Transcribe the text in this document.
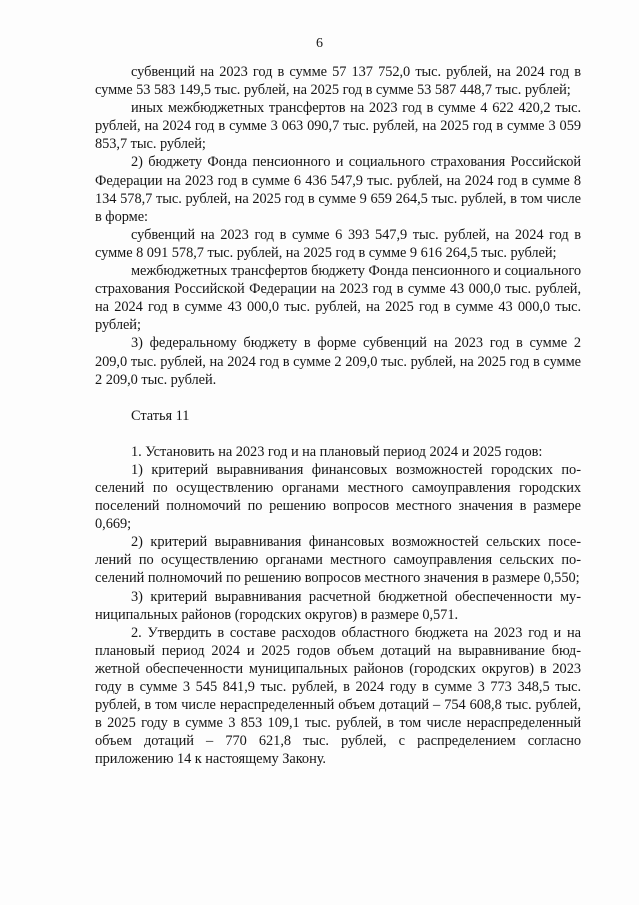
6

субвенций на 2023 год в сумме 57 137 752,0 тыс. рублей, на 2024 год в сумме 53 583 149,5 тыс. рублей, на 2025 год в сумме 53 587 448,7 тыс. рублей;

иных межбюджетных трансфертов на 2023 год в сумме 4 622 420,2 тыс. рублей, на 2024 год в сумме 3 063 090,7 тыс. рублей, на 2025 год в сумме 3 059 853,7 тыс. рублей;

2) бюджету Фонда пенсионного и социального страхования Российской Федерации на 2023 год в сумме 6 436 547,9 тыс. рублей, на 2024 год в сумме 8 134 578,7 тыс. рублей, на 2025 год в сумме 9 659 264,5 тыс. рублей, в том числе в форме:

субвенций на 2023 год в сумме 6 393 547,9 тыс. рублей, на 2024 год в сумме 8 091 578,7 тыс. рублей, на 2025 год в сумме 9 616 264,5 тыс. рублей;

межбюджетных трансфертов бюджету Фонда пенсионного и социального страхования Российской Федерации на 2023 год в сумме 43 000,0 тыс. рублей, на 2024 год в сумме 43 000,0 тыс. рублей, на 2025 год в сумме 43 000,0 тыс. рублей;

3) федеральному бюджету в форме субвенций на 2023 год в сумме 2 209,0 тыс. рублей, на 2024 год в сумме 2 209,0 тыс. рублей, на 2025 год в сумме 2 209,0 тыс. рублей.

Статья 11

1. Установить на 2023 год и на плановый период 2024 и 2025 годов:

1) критерий выравнивания финансовых возможностей городских поселений по осуществлению органами местного самоуправления городских поселений полномочий по решению вопросов местного значения в размере 0,669;

2) критерий выравнивания финансовых возможностей сельских поселений по осуществлению органами местного самоуправления сельских поселений полномочий по решению вопросов местного значения в размере 0,550;

3) критерий выравнивания расчетной бюджетной обеспеченности муниципальных районов (городских округов) в размере 0,571.

2. Утвердить в составе расходов областного бюджета на 2023 год и на плановый период 2024 и 2025 годов объем дотаций на выравнивание бюджетной обеспеченности муниципальных районов (городских округов) в 2023 году в сумме 3 545 841,9 тыс. рублей, в 2024 году в сумме 3 773 348,5 тыс. рублей, в том числе нераспределенный объем дотаций – 754 608,8 тыс. рублей, в 2025 году в сумме 3 853 109,1 тыс. рублей, в том числе нераспределенный объем дотаций – 770 621,8 тыс. рублей, с распределением согласно приложению 14 к настоящему Закону.
